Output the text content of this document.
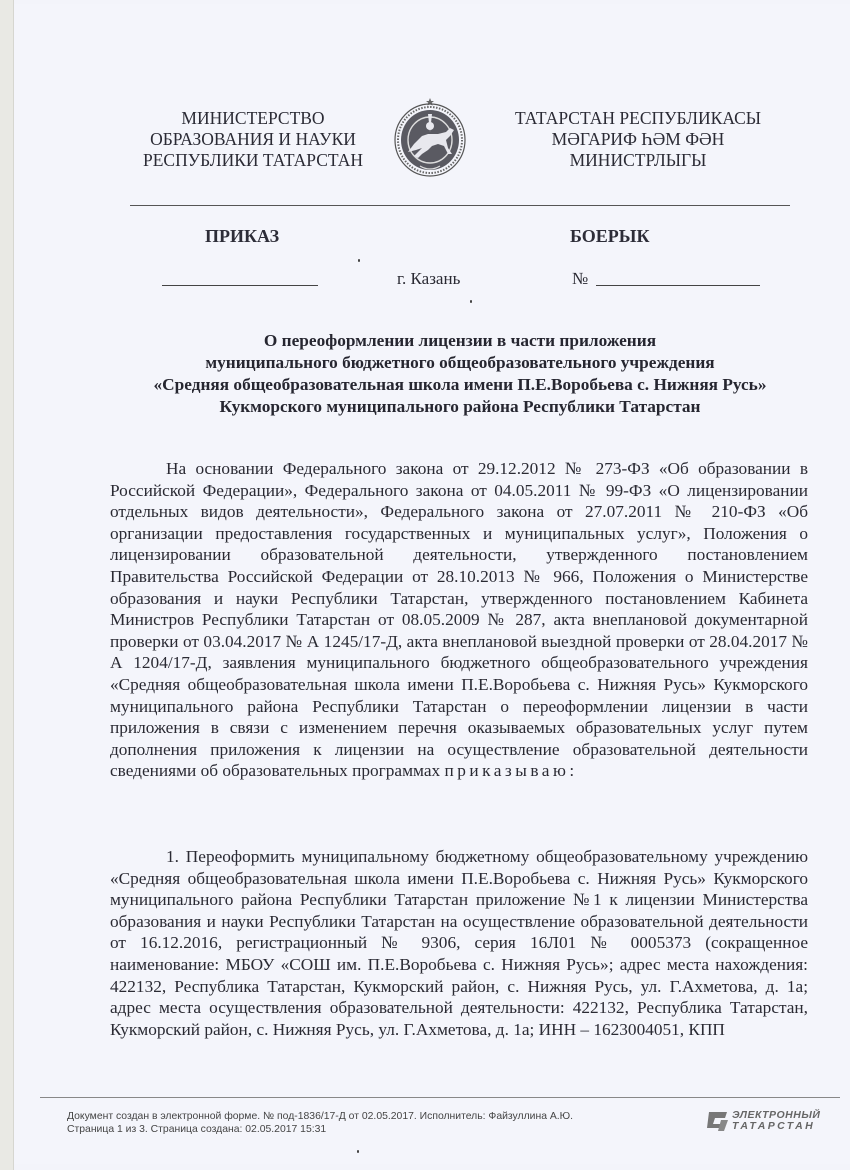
МИНИСТЕРСТВО
ОБРАЗОВАНИЯ И НАУКИ
РЕСПУБЛИКИ ТАТАРСТАН
ТАТАРСТАН РЕСПУБЛИКАСЫ
МӘГАРИФ ҺӘМ ФӘН
МИНИСТРЛЫГЫ
ПРИКАЗ	БОЕРЫК
г. Казань	№
О переоформлении лицензии в части приложения
муниципального бюджетного общеобразовательного учреждения
«Средняя общеобразовательная школа имени П.Е.Воробьева с. Нижняя Русь»
Кукморского муниципального района Республики Татарстан
На основании Федерального закона от 29.12.2012 № 273-ФЗ «Об образовании в Российской Федерации», Федерального закона от 04.05.2011 № 99-ФЗ «О лицензировании отдельных видов деятельности», Федерального закона от 27.07.2011 № 210-ФЗ «Об организации предоставления государственных и муниципальных услуг», Положения о лицензировании образовательной деятельности, утвержденного постановлением Правительства Российской Федерации от 28.10.2013 № 966, Положения о Министерстве образования и науки Республики Татарстан, утвержденного постановлением Кабинета Министров Республики Татарстан от 08.05.2009 № 287, акта внеплановой документарной проверки от 03.04.2017 № А 1245/17-Д, акта внеплановой выездной проверки от 28.04.2017 № А 1204/17-Д, заявления муниципального бюджетного общеобразовательного учреждения «Средняя общеобразовательная школа имени П.Е.Воробьева с. Нижняя Русь» Кукморского муниципального района Республики Татарстан о переоформлении лицензии в части приложения в связи с изменением перечня оказываемых образовательных услуг путем дополнения приложения к лицензии на осуществление образовательной деятельности сведениями об образовательных программах приказываю:
1. Переоформить муниципальному бюджетному общеобразовательному учреждению «Средняя общеобразовательная школа имени П.Е.Воробьева с. Нижняя Русь» Кукморского муниципального района Республики Татарстан приложение №1 к лицензии Министерства образования и науки Республики Татарстан на осуществление образовательной деятельности от 16.12.2016, регистрационный № 9306, серия 16Л01 № 0005373 (сокращенное наименование: МБОУ «СОШ им. П.Е.Воробьева с. Нижняя Русь»; адрес места нахождения: 422132, Республика Татарстан, Кукморский район, с. Нижняя Русь, ул. Г.Ахметова, д. 1а; адрес места осуществления образовательной деятельности: 422132, Республика Татарстан, Кукморский район, с. Нижняя Русь, ул. Г.Ахметова, д. 1а; ИНН – 1623004051, КПП
Документ создан в электронной форме. № под-1836/17-Д от 02.05.2017. Исполнитель: Файзуллина А.Ю.
Страница 1 из 3. Страница создана: 02.05.2017 15:31
ЭЛЕКТРОННЫЙ
ТАТАРСТАН
